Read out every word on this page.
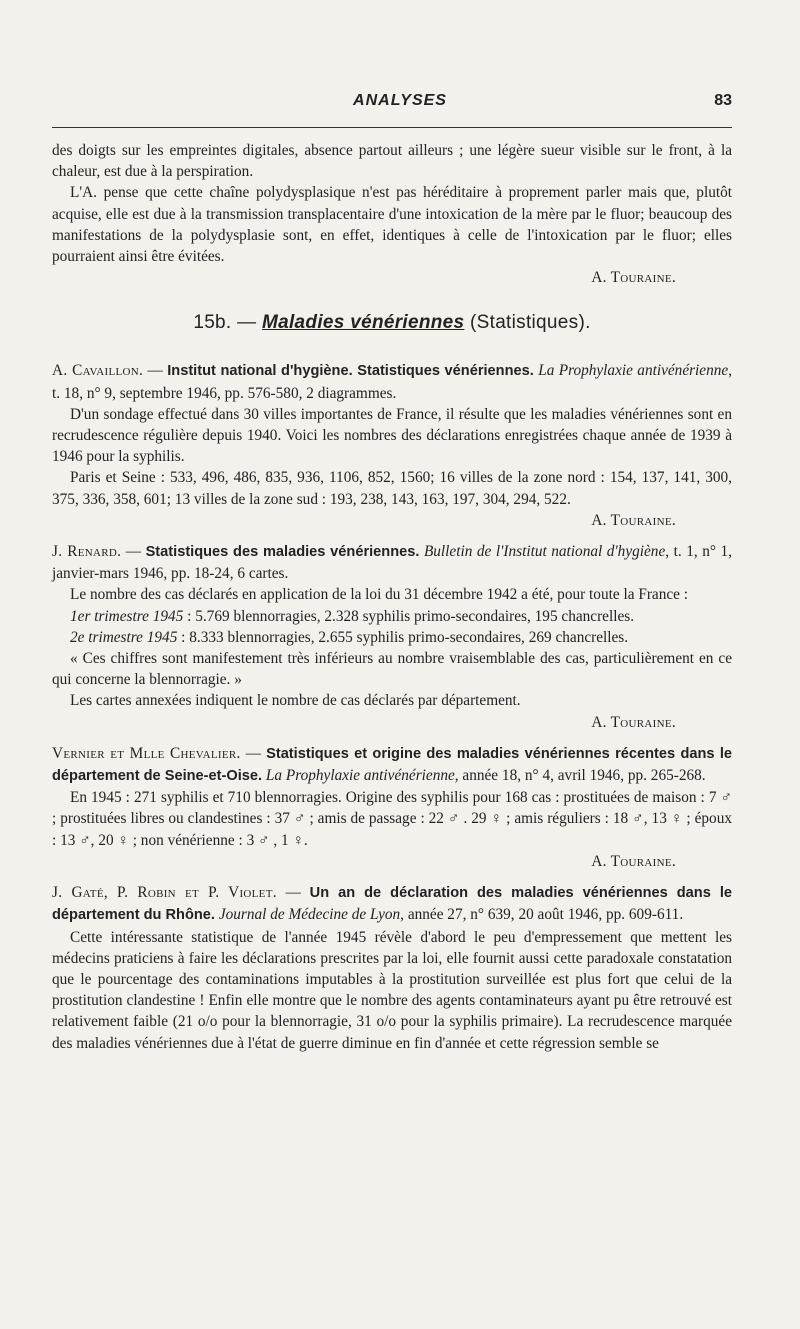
ANALYSES	83

des doigts sur les empreintes digitales, absence partout ailleurs ; une légère sueur visible sur le front, à la chaleur, est due à la perspiration.

L'A. pense que cette chaîne polydysplasique n'est pas héréditaire à proprement parler mais que, plutôt acquise, elle est due à la transmission transplacentaire d'une intoxication de la mère par le fluor; beaucoup des manifestations de la polydysplasie sont, en effet, identiques à celle de l'intoxication par le fluor; elles pourraient ainsi être évitées.

A. Touraine.

15b. — Maladies vénériennes (Statistiques).

A. Cavaillon. — Institut national d'hygiène. Statistiques vénériennes. La Prophylaxie antivénérienne, t. 18, n° 9, septembre 1946, pp. 576-580, 2 diagrammes.

D'un sondage effectué dans 30 villes importantes de France, il résulte que les maladies vénériennes sont en recrudescence régulière depuis 1940. Voici les nombres des déclarations enregistrées chaque année de 1939 à 1946 pour la syphilis.

Paris et Seine : 533, 496, 486, 835, 936, 1106, 852, 1560; 16 villes de la zone nord : 154, 137, 141, 300, 375, 336, 358, 601; 13 villes de la zone sud : 193, 238, 143, 163, 197, 304, 294, 522.

A. Touraine.

J. Renard. — Statistiques des maladies vénériennes. Bulletin de l'Institut national d'hygiène, t. 1, n° 1, janvier-mars 1946, pp. 18-24, 6 cartes.

Le nombre des cas déclarés en application de la loi du 31 décembre 1942 a été, pour toute la France :

1er trimestre 1945 : 5.769 blennorragies, 2.328 syphilis primo-secondaires, 195 chancrelles.

2e trimestre 1945 : 8.333 blennorragies, 2.655 syphilis primo-secondaires, 269 chancrelles.

« Ces chiffres sont manifestement très inférieurs au nombre vraisemblable des cas, particulièrement en ce qui concerne la blennorragie. »

Les cartes annexées indiquent le nombre de cas déclarés par département.

A. Touraine.

Vernier et Mlle Chevalier. — Statistiques et origine des maladies vénériennes récentes dans le département de Seine-et-Oise. La Prophylaxie antivénérienne, année 18, n° 4, avril 1946, pp. 265-268.

En 1945 : 271 syphilis et 710 blennorragies. Origine des syphilis pour 168 cas : prostituées de maison : 7 ♂ ; prostituées libres ou clandestines : 37 ♂ ; amis de passage : 22 ♂ . 29 ♀ ; amis réguliers : 18 ♂, 13 ♀ ; époux : 13 ♂, 20 ♀ ; non vénérienne : 3 ♂ , 1 ♀.

A. Touraine.

J. Gaté, P. Robin et P. Violet. — Un an de déclaration des maladies vénériennes dans le département du Rhône. Journal de Médecine de Lyon, année 27, n° 639, 20 août 1946, pp. 609-611.

Cette intéressante statistique de l'année 1945 révèle d'abord le peu d'empressement que mettent les médecins praticiens à faire les déclarations prescrites par la loi, elle fournit aussi cette paradoxale constatation que le pourcentage des contaminations imputables à la prostitution surveillée est plus fort que celui de la prostitution clandestine ! Enfin elle montre que le nombre des agents contaminateurs ayant pu être retrouvé est relativement faible (21 o/o pour la blennorragie, 31 o/o pour la syphilis primaire). La recrudescence marquée des maladies vénériennes due à l'état de guerre diminue en fin d'année et cette régression semble se
